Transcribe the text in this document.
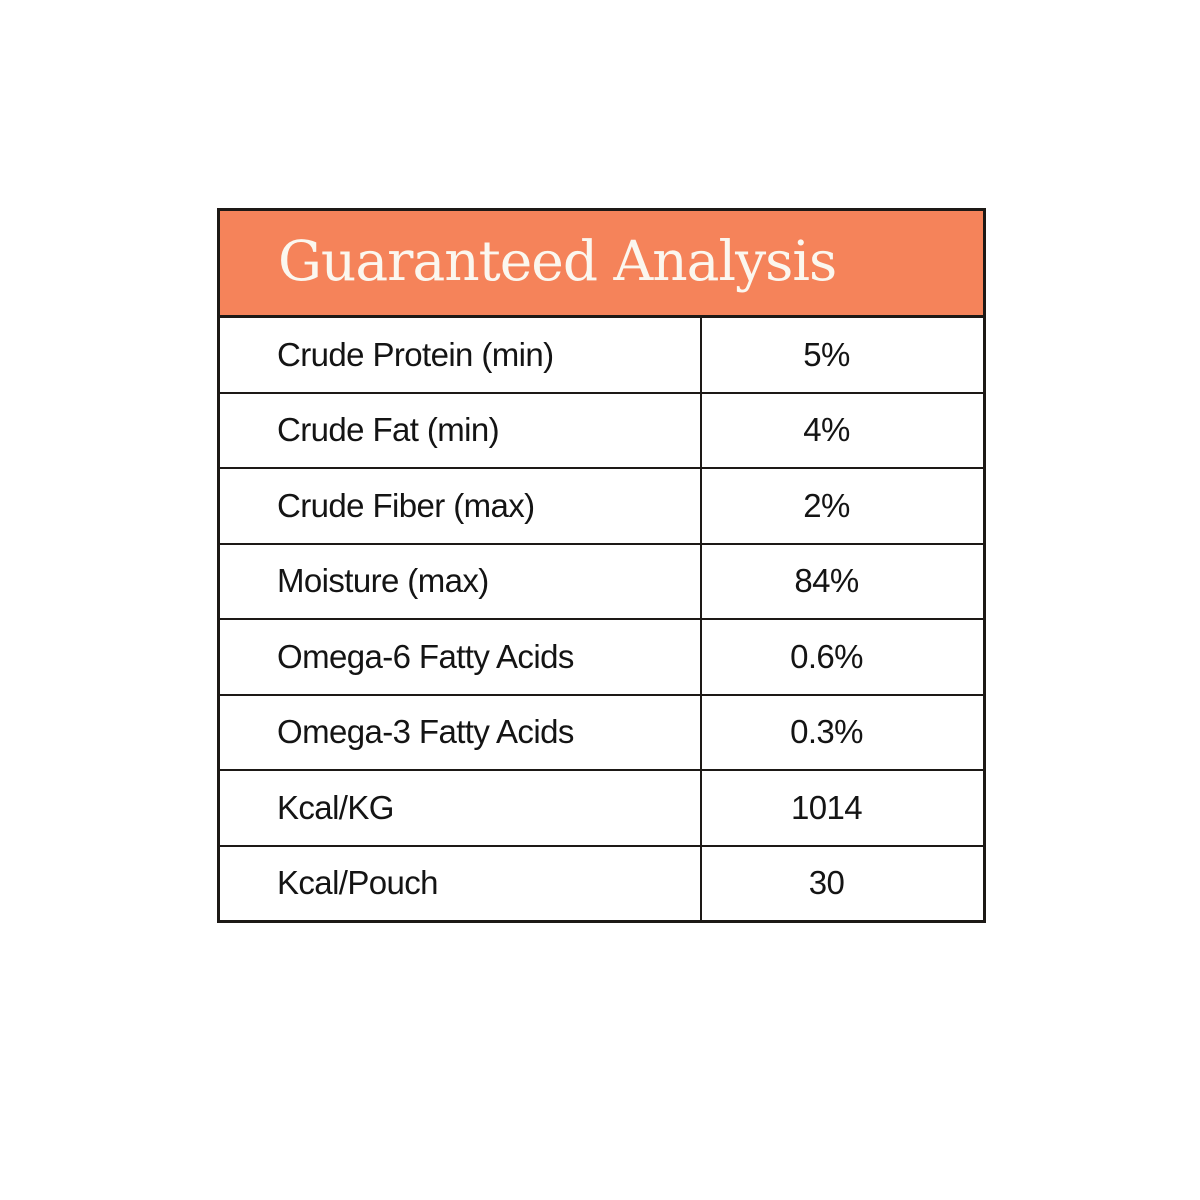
Guaranteed Analysis
Crude Protein (min)	5%
Crude Fat (min)	4%
Crude Fiber (max)	2%
Moisture (max)	84%
Omega-6 Fatty Acids	0.6%
Omega-3 Fatty Acids	0.3%
Kcal/KG	1014
Kcal/Pouch	30
